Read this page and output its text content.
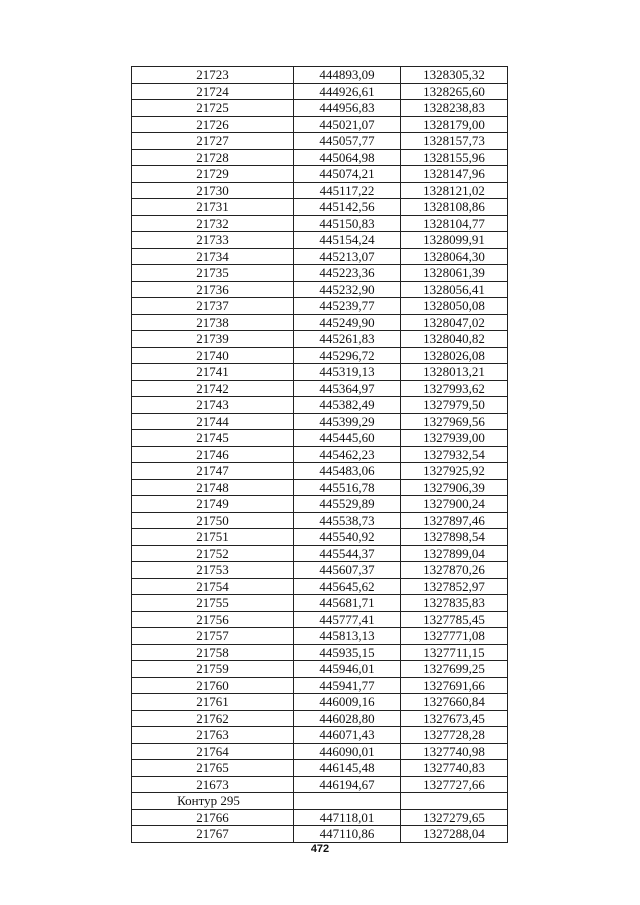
21723	444893,09	1328305,32
21724	444926,61	1328265,60
21725	444956,83	1328238,83
21726	445021,07	1328179,00
21727	445057,77	1328157,73
21728	445064,98	1328155,96
21729	445074,21	1328147,96
21730	445117,22	1328121,02
21731	445142,56	1328108,86
21732	445150,83	1328104,77
21733	445154,24	1328099,91
21734	445213,07	1328064,30
21735	445223,36	1328061,39
21736	445232,90	1328056,41
21737	445239,77	1328050,08
21738	445249,90	1328047,02
21739	445261,83	1328040,82
21740	445296,72	1328026,08
21741	445319,13	1328013,21
21742	445364,97	1327993,62
21743	445382,49	1327979,50
21744	445399,29	1327969,56
21745	445445,60	1327939,00
21746	445462,23	1327932,54
21747	445483,06	1327925,92
21748	445516,78	1327906,39
21749	445529,89	1327900,24
21750	445538,73	1327897,46
21751	445540,92	1327898,54
21752	445544,37	1327899,04
21753	445607,37	1327870,26
21754	445645,62	1327852,97
21755	445681,71	1327835,83
21756	445777,41	1327785,45
21757	445813,13	1327771,08
21758	445935,15	1327711,15
21759	445946,01	1327699,25
21760	445941,77	1327691,66
21761	446009,16	1327660,84
21762	446028,80	1327673,45
21763	446071,43	1327728,28
21764	446090,01	1327740,98
21765	446145,48	1327740,83
21673	446194,67	1327727,66
Контур 295		
21766	447118,01	1327279,65
21767	447110,86	1327288,04
472
